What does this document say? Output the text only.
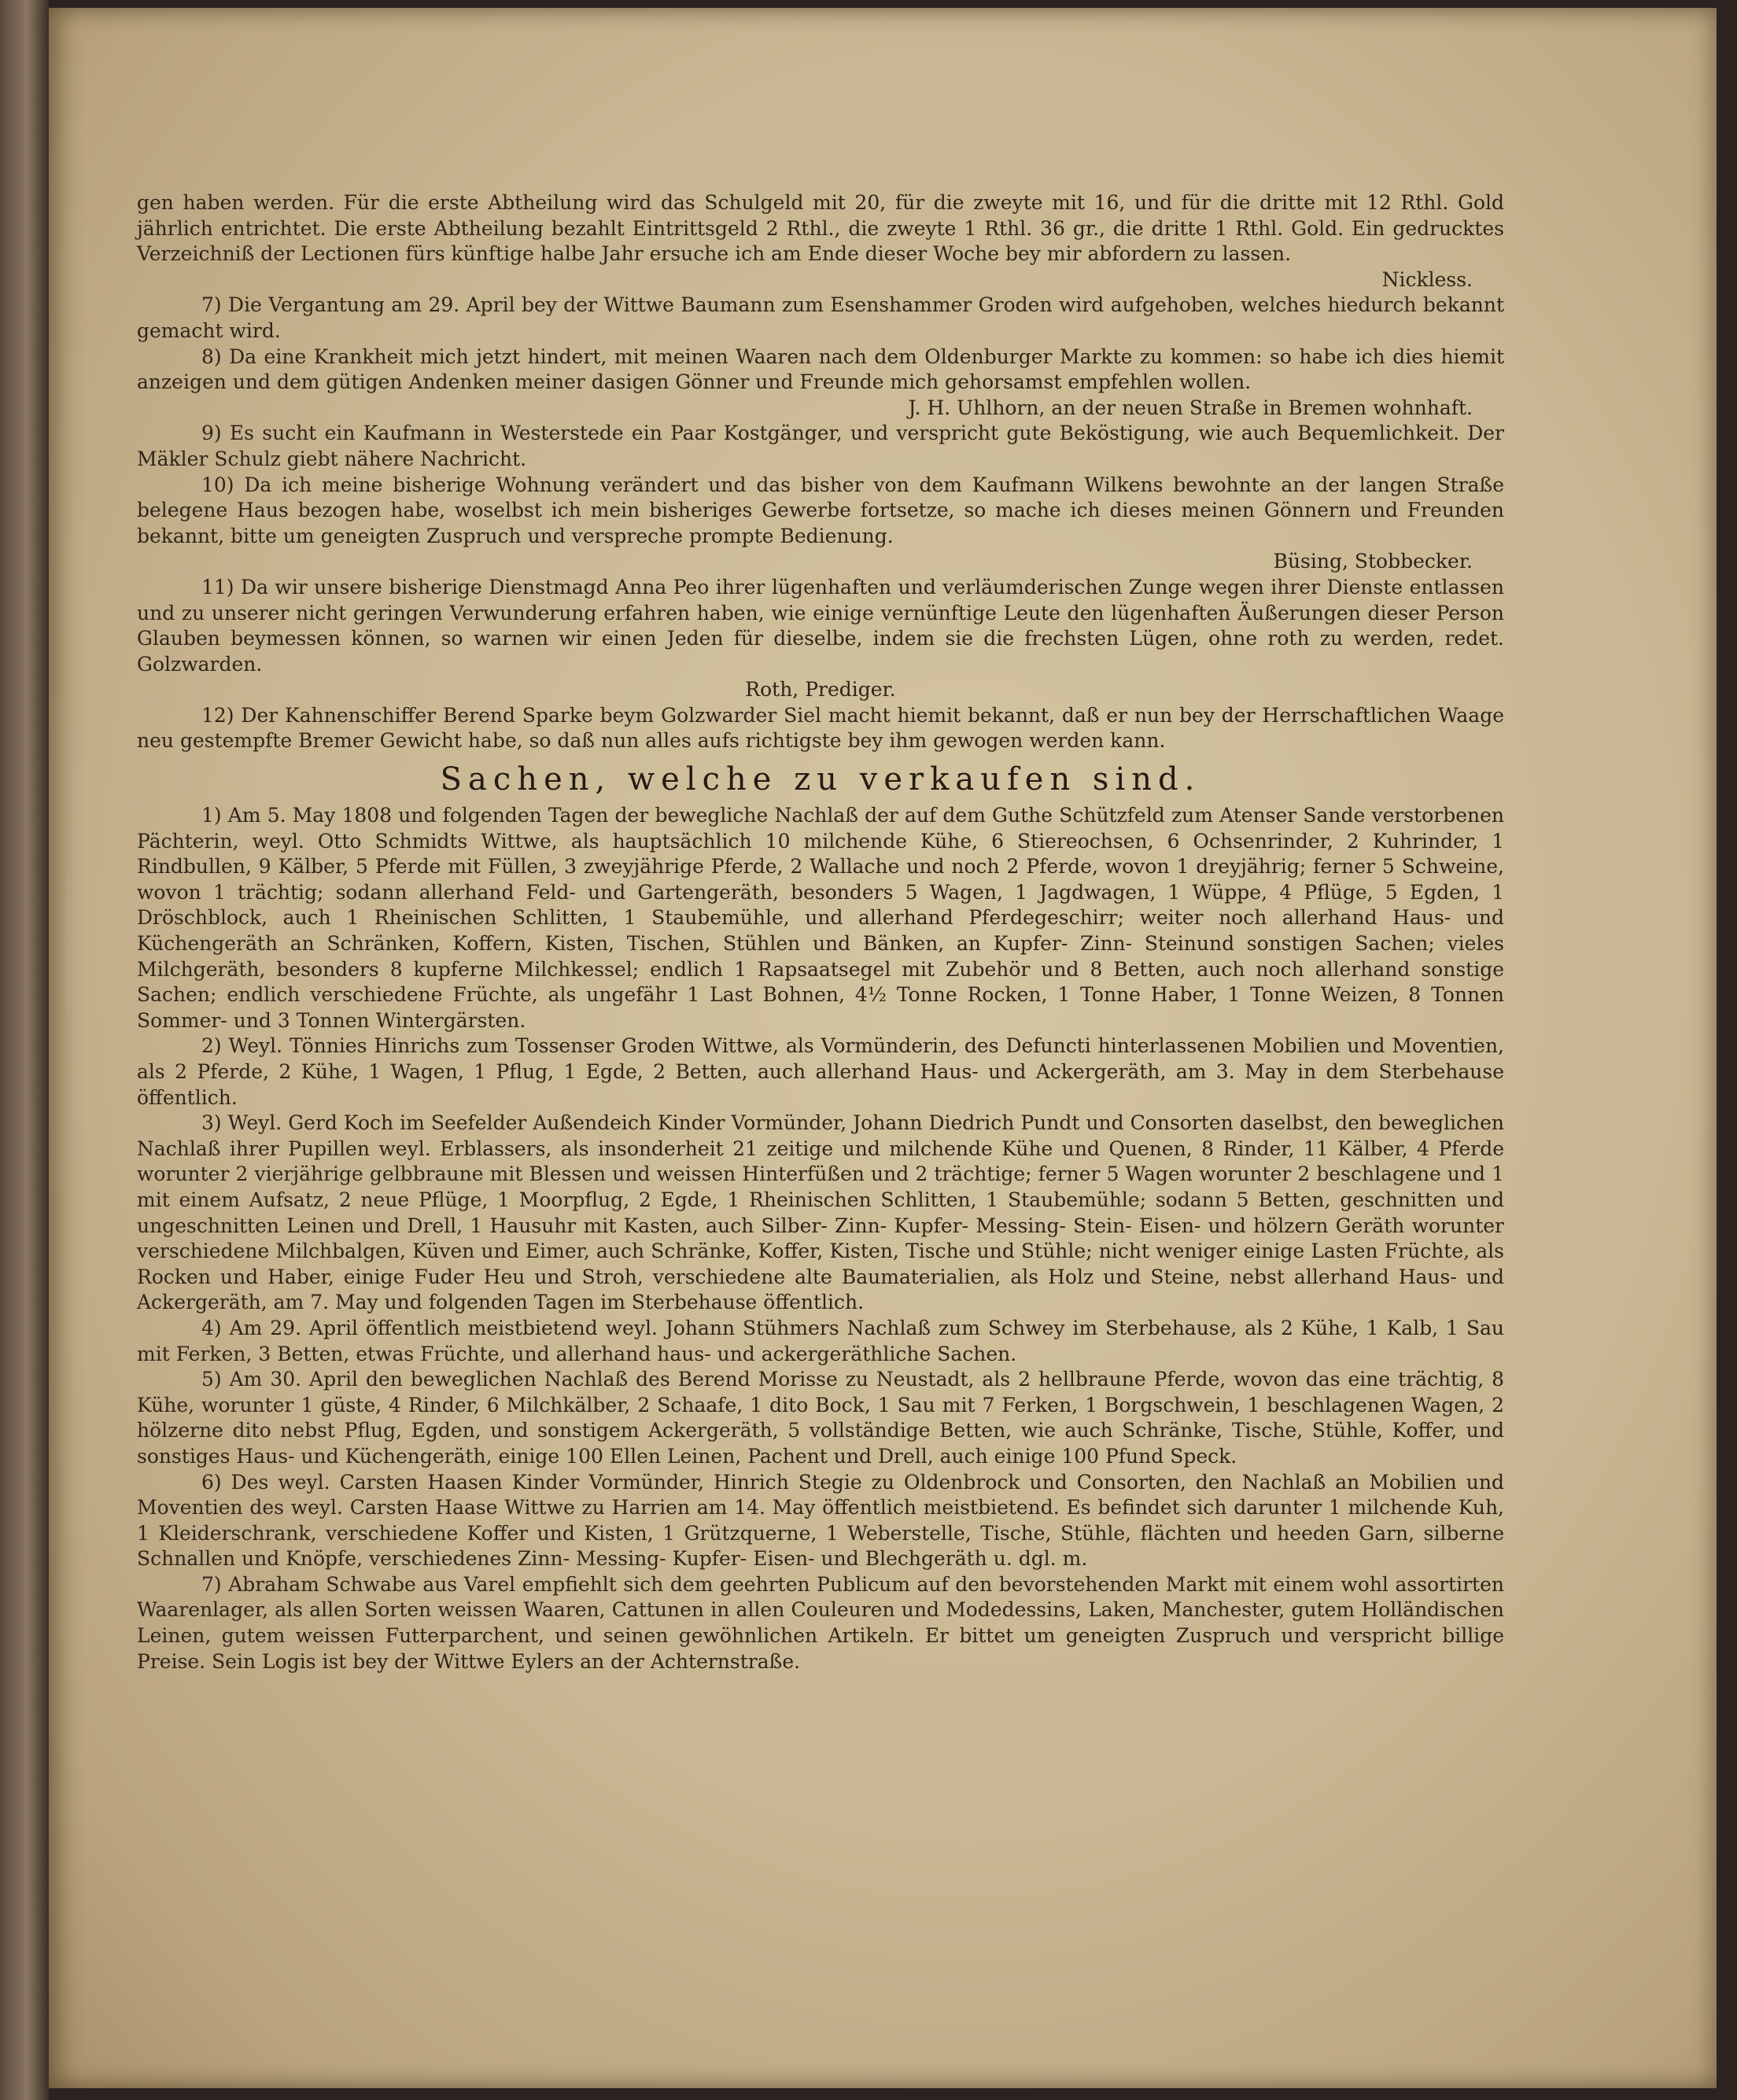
gen haben werden. Für die erste Abtheilung wird das Schulgeld mit 20, für die zweyte mit 16, und für die dritte mit 12 Rthl. Gold jährlich entrichtet. Die erste Abtheilung bezahlt Eintrittsgeld 2 Rthl., die zweyte 1 Rthl. 36 gr., die dritte 1 Rthl. Gold. Ein gedrucktes Verzeichniß der Lectionen fürs künftige halbe Jahr ersuche ich am Ende dieser Woche bey mir abfordern zu lassen.

Nickless.

7) Die Vergantung am 29. April bey der Wittwe Baumann zum Esenshammer Groden wird aufgehoben, welches hiedurch bekannt gemacht wird.

8) Da eine Krankheit mich jetzt hindert, mit meinen Waaren nach dem Oldenburger Markte zu kommen: so habe ich dies hiemit anzeigen und dem gütigen Andenken meiner dasigen Gönner und Freunde mich gehorsamst empfehlen wollen.

J. H. Uhlhorn, an der neuen Straße in Bremen wohnhaft.

9) Es sucht ein Kaufmann in Westerstede ein Paar Kostgänger, und verspricht gute Beköstigung, wie auch Bequemlichkeit. Der Mäkler Schulz giebt nähere Nachricht.

10) Da ich meine bisherige Wohnung verändert und das bisher von dem Kaufmann Wilkens bewohnte an der langen Straße belegene Haus bezogen habe, woselbst ich mein bisheriges Gewerbe fortsetze, so mache ich dieses meinen Gönnern und Freunden bekannt, bitte um geneigten Zuspruch und verspreche prompte Bedienung.

Büsing, Stobbecker.

11) Da wir unsere bisherige Dienstmagd Anna Peo ihrer lügenhaften und verläumderischen Zunge wegen ihrer Dienste entlassen und zu unserer nicht geringen Verwunderung erfahren haben, wie einige vernünftige Leute den lügenhaften Äußerungen dieser Person Glauben beymessen können, so warnen wir einen Jeden für dieselbe, indem sie die frechsten Lügen, ohne roth zu werden, redet. Golzwarden.

Roth, Prediger.

12) Der Kahnenschiffer Berend Sparke beym Golzwarder Siel macht hiemit bekannt, daß er nun bey der Herrschaftlichen Waage neu gestempfte Bremer Gewicht habe, so daß nun alles aufs richtigste bey ihm gewogen werden kann.

Sachen, welche zu verkaufen sind.

1) Am 5. May 1808 und folgenden Tagen der bewegliche Nachlaß der auf dem Guthe Schützfeld zum Atenser Sande verstorbenen Pächterin, weyl. Otto Schmidts Wittwe, als hauptsächlich 10 milchende Kühe, 6 Stiereochsen, 6 Ochsenrinder, 2 Kuhrinder, 1 Rindbullen, 9 Kälber, 5 Pferde mit Füllen, 3 zweyjährige Pferde, 2 Wallache und noch 2 Pferde, wovon 1 dreyjährig; ferner 5 Schweine, wovon 1 trächtig; sodann allerhand Feld- und Gartengeräth, besonders 5 Wagen, 1 Jagdwagen, 1 Wüppe, 4 Pflüge, 5 Egden, 1 Dröschblock, auch 1 Rheinischen Schlitten, 1 Staubemühle, und allerhand Pferdegeschirr; weiter noch allerhand Haus- und Küchengeräth an Schränken, Koffern, Kisten, Tischen, Stühlen und Bänken, an Kupfer- Zinn- Steinund sonstigen Sachen; vieles Milchgeräth, besonders 8 kupferne Milchkessel; endlich 1 Rapsaatsegel mit Zubehör und 8 Betten, auch noch allerhand sonstige Sachen; endlich verschiedene Früchte, als ungefähr 1 Last Bohnen, 4½ Tonne Rocken, 1 Tonne Haber, 1 Tonne Weizen, 8 Tonnen Sommer- und 3 Tonnen Wintergärsten.

2) Weyl. Tönnies Hinrichs zum Tossenser Groden Wittwe, als Vormünderin, des Defuncti hinterlassenen Mobilien und Moventien, als 2 Pferde, 2 Kühe, 1 Wagen, 1 Pflug, 1 Egde, 2 Betten, auch allerhand Haus- und Ackergeräth, am 3. May in dem Sterbehause öffentlich.

3) Weyl. Gerd Koch im Seefelder Außendeich Kinder Vormünder, Johann Diedrich Pundt und Consorten daselbst, den beweglichen Nachlaß ihrer Pupillen weyl. Erblassers, als insonderheit 21 zeitige und milchende Kühe und Quenen, 8 Rinder, 11 Kälber, 4 Pferde worunter 2 vierjährige gelbbraune mit Blessen und weissen Hinterfüßen und 2 trächtige; ferner 5 Wagen worunter 2 beschlagene und 1 mit einem Aufsatz, 2 neue Pflüge, 1 Moorpflug, 2 Egde, 1 Rheinischen Schlitten, 1 Staubemühle; sodann 5 Betten, geschnitten und ungeschnitten Leinen und Drell, 1 Hausuhr mit Kasten, auch Silber- Zinn- Kupfer- Messing- Stein- Eisen- und hölzern Geräth worunter verschiedene Milchbalgen, Küven und Eimer, auch Schränke, Koffer, Kisten, Tische und Stühle; nicht weniger einige Lasten Früchte, als Rocken und Haber, einige Fuder Heu und Stroh, verschiedene alte Baumaterialien, als Holz und Steine, nebst allerhand Haus- und Ackergeräth, am 7. May und folgenden Tagen im Sterbehause öffentlich.

4) Am 29. April öffentlich meistbietend weyl. Johann Stühmers Nachlaß zum Schwey im Sterbehause, als 2 Kühe, 1 Kalb, 1 Sau mit Ferken, 3 Betten, etwas Früchte, und allerhand haus- und ackergeräthliche Sachen.

5) Am 30. April den beweglichen Nachlaß des Berend Morisse zu Neustadt, als 2 hellbraune Pferde, wovon das eine trächtig, 8 Kühe, worunter 1 güste, 4 Rinder, 6 Milchkälber, 2 Schaafe, 1 dito Bock, 1 Sau mit 7 Ferken, 1 Borgschwein, 1 beschlagenen Wagen, 2 hölzerne dito nebst Pflug, Egden, und sonstigem Ackergeräth, 5 vollständige Betten, wie auch Schränke, Tische, Stühle, Koffer, und sonstiges Haus- und Küchengeräth, einige 100 Ellen Leinen, Pachent und Drell, auch einige 100 Pfund Speck.

6) Des weyl. Carsten Haasen Kinder Vormünder, Hinrich Stegie zu Oldenbrock und Consorten, den Nachlaß an Mobilien und Moventien des weyl. Carsten Haase Wittwe zu Harrien am 14. May öffentlich meistbietend. Es befindet sich darunter 1 milchende Kuh, 1 Kleiderschrank, verschiedene Koffer und Kisten, 1 Grützquerne, 1 Weberstelle, Tische, Stühle, flächten und heeden Garn, silberne Schnallen und Knöpfe, verschiedenes Zinn- Messing- Kupfer- Eisen- und Blechgeräth u. dgl. m.

7) Abraham Schwabe aus Varel empfiehlt sich dem geehrten Publicum auf den bevorstehenden Markt mit einem wohl assortirten Waarenlager, als allen Sorten weissen Waaren, Cattunen in allen Couleuren und Modedessins, Laken, Manchester, gutem Holländischen Leinen, gutem weissen Futterparchent, und seinen gewöhnlichen Artikeln. Er bittet um geneigten Zuspruch und verspricht billige Preise. Sein Logis ist bey der Wittwe Eylers an der Achternstraße.
